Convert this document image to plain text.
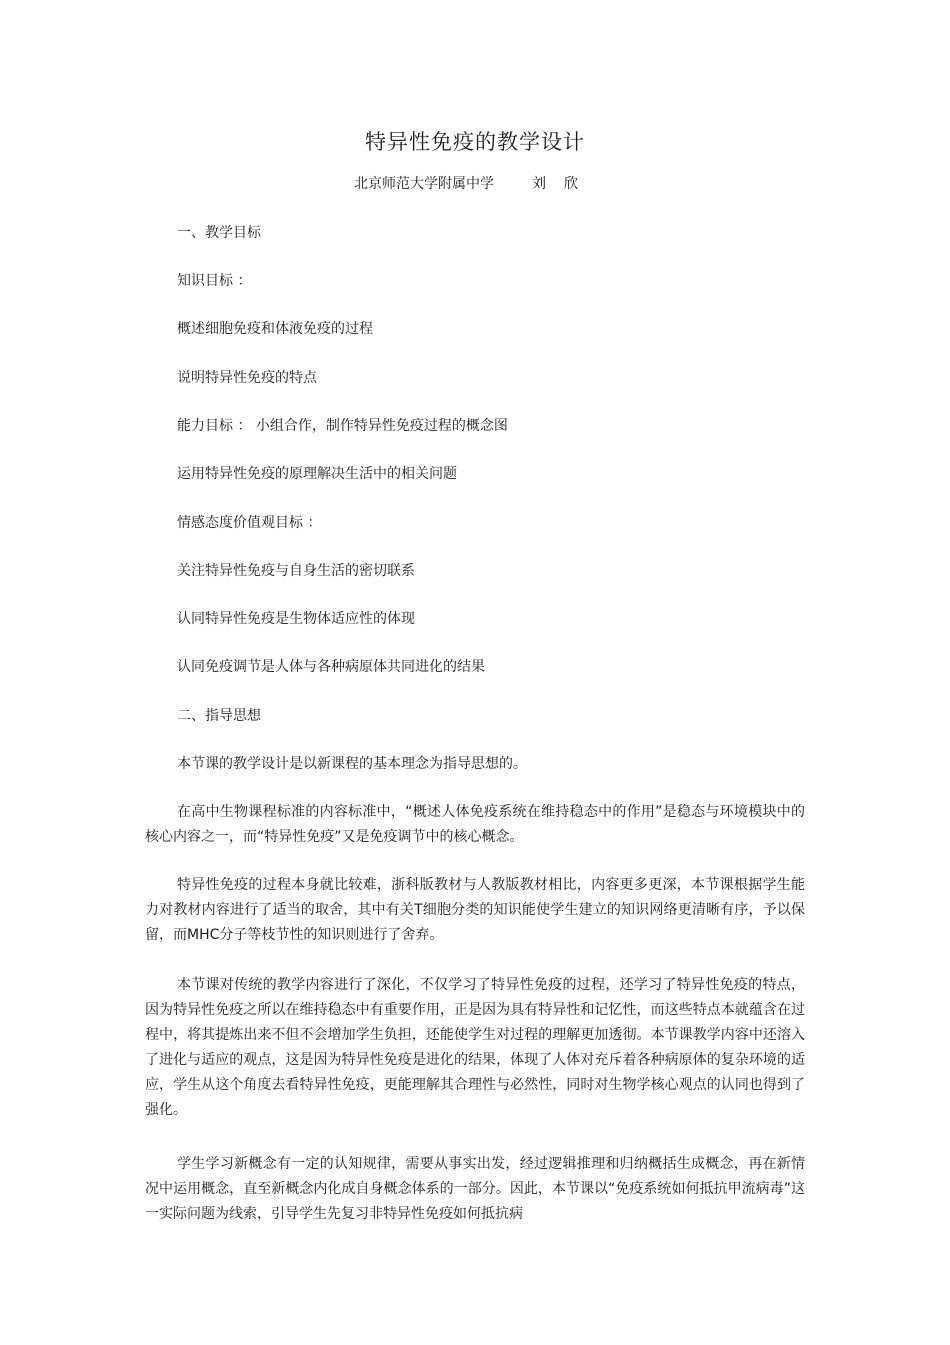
特异性免疫的教学设计
北京师范大学附属中学	刘欣
一、教学目标
知识目标 ：
概述细胞免疫和体液免疫的过程
说明特异性免疫的特点
能力目标 ： 小组合作，制作特异性免疫过程的概念图
运用特异性免疫的原理解决生活中的相关问题
情感态度价值观目标 ：
关注特异性免疫与自身生活的密切联系
认同特异性免疫是生物体适应性的体现
认同免疫调节是人体与各种病原体共同进化的结果
二、指导思想
本节课的教学设计是以新课程的基本理念为指导思想的。
在高中生物课程标准的内容标准中，“概述人体免疫系统在维持稳态中的作用”是稳态与环境模块中的核心内容之一，而“特异性免疫”又是免疫调节中的核心概念。
特异性免疫的过程本身就比较难，浙科版教材与人教版教材相比，内容更多更深，本节课根据学生能力对教材内容进行了适当的取舍，其中有关T细胞分类的知识能使学生建立的知识网络更清晰有序，予以保留，而MHC分子等枝节性的知识则进行了舍弃。
本节课对传统的教学内容进行了深化，不仅学习了特异性免疫的过程，还学习了特异性免疫的特点，因为特异性免疫之所以在维持稳态中有重要作用，正是因为具有特异性和记忆性，而这些特点本就蕴含在过程中，将其提炼出来不但不会增加学生负担，还能使学生对过程的理解更加透彻。本节课教学内容中还溶入了进化与适应的观点，这是因为特异性免疫是进化的结果，体现了人体对充斥着各种病原体的复杂环境的适应，学生从这个角度去看特异性免疫，更能理解其合理性与必然性，同时对生物学核心观点的认同也得到了强化。
学生学习新概念有一定的认知规律，需要从事实出发，经过逻辑推理和归纳概括生成概念，再在新情况中运用概念，直至新概念内化成自身概念体系的一部分。因此，本节课以“免疫系统如何抵抗甲流病毒”这一实际问题为线索，引导学生先复习非特异性免疫如何抵抗病
